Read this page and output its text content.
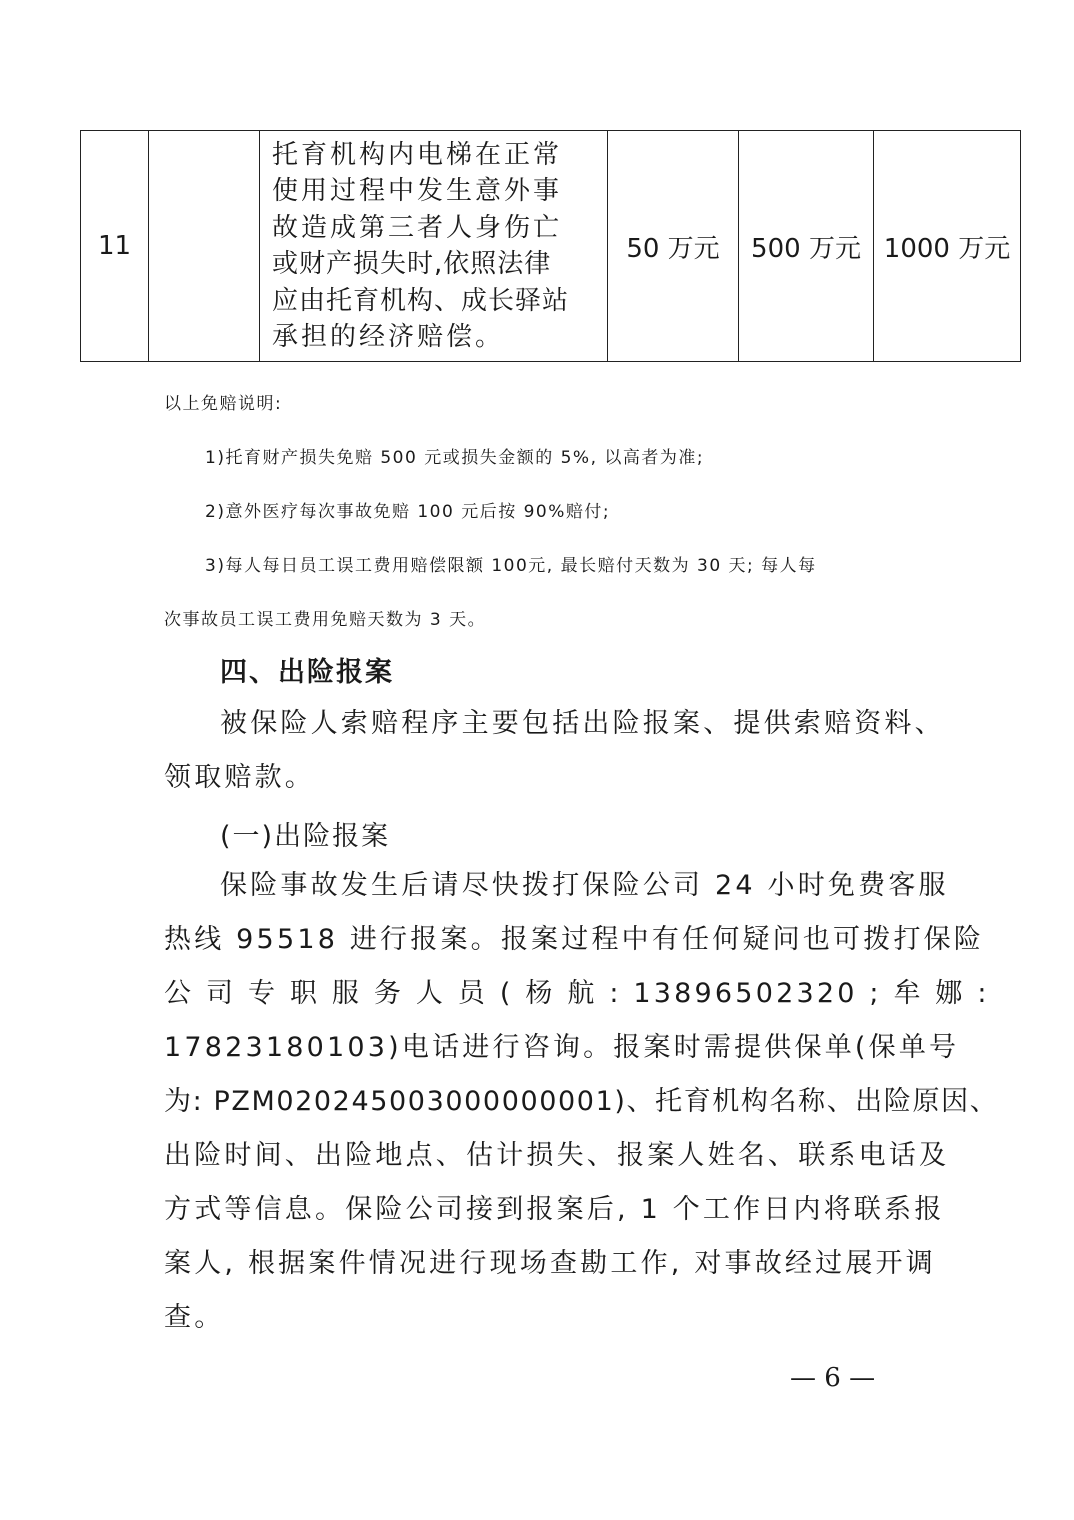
11		
托育机构内电梯在正常
使用过程中发生意外事
故造成第三者人身伤亡
或财产损失时,依照法律
应由托育机构、成长驿站
承担的经济赔偿。
	50 万元	500 万元	1000 万元
以上免赔说明:
1)托育财产损失免赔 500 元或损失金额的 5%, 以高者为准;
2)意外医疗每次事故免赔 100 元后按 90%赔付;
3)每人每日员工误工费用赔偿限额 100元, 最长赔付天数为 30 天; 每人每
次事故员工误工费用免赔天数为 3 天。
四、出险报案
被保险人索赔程序主要包括出险报案、提供索赔资料、
领取赔款。
(一)出险报案
保险事故发生后请尽快拨打保险公司 24 小时免费客服
热线 95518 进行报案。报案过程中有任何疑问也可拨打保险
公 司 专 职 服 务 人 员 ( 杨 航 : 13896502320 ; 牟 娜 :
17823180103)电话进行咨询。报案时需提供保单(保单号
为: PZM020245003000000001)、托育机构名称、出险原因、
出险时间、出险地点、估计损失、报案人姓名、联系电话及
方式等信息。保险公司接到报案后, 1 个工作日内将联系报
案人, 根据案件情况进行现场查勘工作, 对事故经过展开调
查。
— 6 —
